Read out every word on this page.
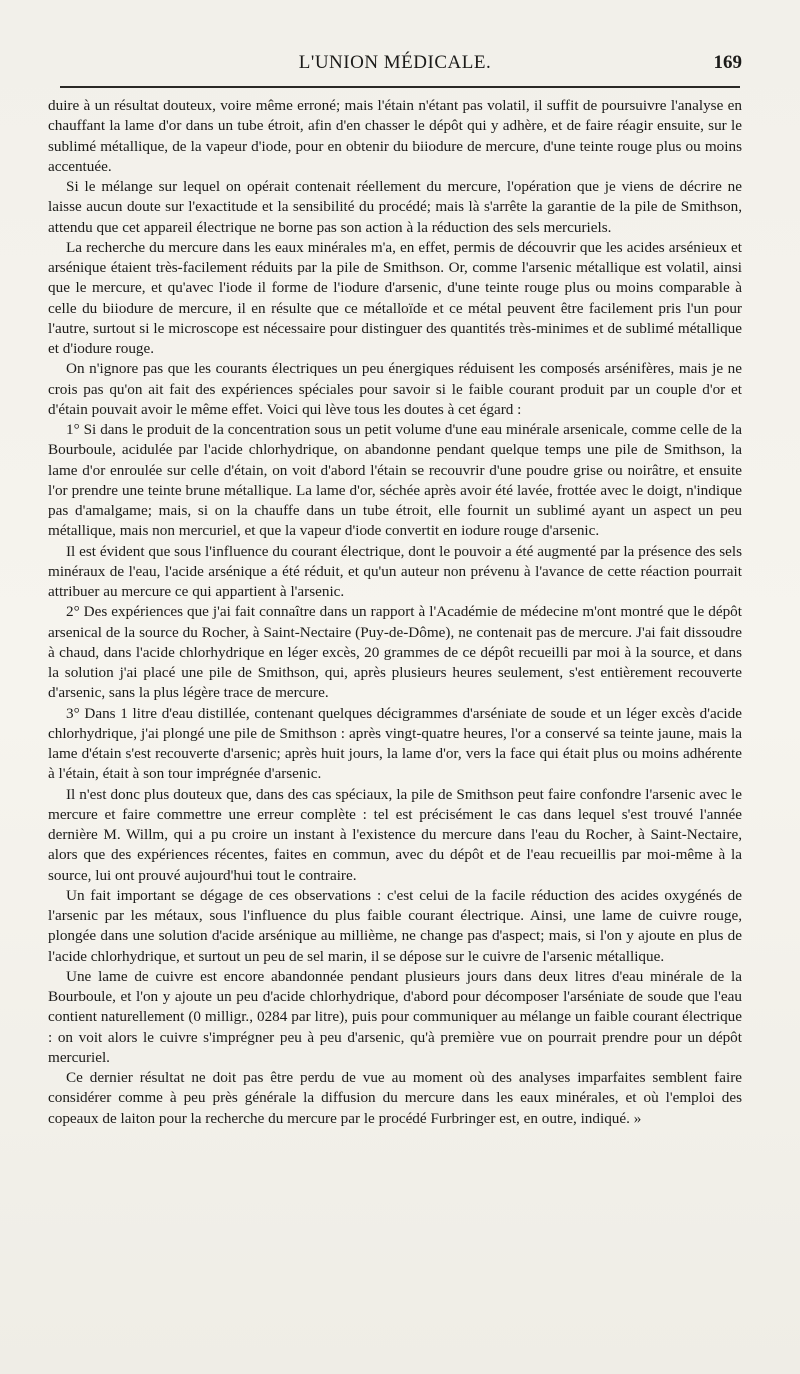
L'UNION MÉDICALE.	169

duire à un résultat douteux, voire même erroné; mais l'étain n'étant pas volatil, il suffit de poursuivre l'analyse en chauffant la lame d'or dans un tube étroit, afin d'en chasser le dépôt qui y adhère, et de faire réagir ensuite, sur le sublimé métallique, de la vapeur d'iode, pour en obtenir du biiodure de mercure, d'une teinte rouge plus ou moins accentuée.

Si le mélange sur lequel on opérait contenait réellement du mercure, l'opération que je viens de décrire ne laisse aucun doute sur l'exactitude et la sensibilité du procédé; mais là s'arrête la garantie de la pile de Smithson, attendu que cet appareil électrique ne borne pas son action à la réduction des sels mercuriels.

La recherche du mercure dans les eaux minérales m'a, en effet, permis de découvrir que les acides arsénieux et arsénique étaient très-facilement réduits par la pile de Smithson. Or, comme l'arsenic métallique est volatil, ainsi que le mercure, et qu'avec l'iode il forme de l'iodure d'arsenic, d'une teinte rouge plus ou moins comparable à celle du biiodure de mercure, il en résulte que ce métalloïde et ce métal peuvent être facilement pris l'un pour l'autre, surtout si le microscope est nécessaire pour distinguer des quantités très-minimes et de sublimé métallique et d'iodure rouge.

On n'ignore pas que les courants électriques un peu énergiques réduisent les composés arsénifères, mais je ne crois pas qu'on ait fait des expériences spéciales pour savoir si le faible courant produit par un couple d'or et d'étain pouvait avoir le même effet. Voici qui lève tous les doutes à cet égard :

1° Si dans le produit de la concentration sous un petit volume d'une eau minérale arsenicale, comme celle de la Bourboule, acidulée par l'acide chlorhydrique, on abandonne pendant quelque temps une pile de Smithson, la lame d'or enroulée sur celle d'étain, on voit d'abord l'étain se recouvrir d'une poudre grise ou noirâtre, et ensuite l'or prendre une teinte brune métallique. La lame d'or, séchée après avoir été lavée, frottée avec le doigt, n'indique pas d'amalgame; mais, si on la chauffe dans un tube étroit, elle fournit un sublimé ayant un aspect un peu métallique, mais non mercuriel, et que la vapeur d'iode convertit en iodure rouge d'arsenic.

Il est évident que sous l'influence du courant électrique, dont le pouvoir a été augmenté par la présence des sels minéraux de l'eau, l'acide arsénique a été réduit, et qu'un auteur non prévenu à l'avance de cette réaction pourrait attribuer au mercure ce qui appartient à l'arsenic.

2° Des expériences que j'ai fait connaître dans un rapport à l'Académie de médecine m'ont montré que le dépôt arsenical de la source du Rocher, à Saint-Nectaire (Puy-de-Dôme), ne contenait pas de mercure. J'ai fait dissoudre à chaud, dans l'acide chlorhydrique en léger excès, 20 grammes de ce dépôt recueilli par moi à la source, et dans la solution j'ai placé une pile de Smithson, qui, après plusieurs heures seulement, s'est entièrement recouverte d'arsenic, sans la plus légère trace de mercure.

3° Dans 1 litre d'eau distillée, contenant quelques décigrammes d'arséniate de soude et un léger excès d'acide chlorhydrique, j'ai plongé une pile de Smithson : après vingt-quatre heures, l'or a conservé sa teinte jaune, mais la lame d'étain s'est recouverte d'arsenic; après huit jours, la lame d'or, vers la face qui était plus ou moins adhérente à l'étain, était à son tour imprégnée d'arsenic.

Il n'est donc plus douteux que, dans des cas spéciaux, la pile de Smithson peut faire confondre l'arsenic avec le mercure et faire commettre une erreur complète : tel est précisément le cas dans lequel s'est trouvé l'année dernière M. Willm, qui a pu croire un instant à l'existence du mercure dans l'eau du Rocher, à Saint-Nectaire, alors que des expériences récentes, faites en commun, avec du dépôt et de l'eau recueillis par moi-même à la source, lui ont prouvé aujourd'hui tout le contraire.

Un fait important se dégage de ces observations : c'est celui de la facile réduction des acides oxygénés de l'arsenic par les métaux, sous l'influence du plus faible courant électrique. Ainsi, une lame de cuivre rouge, plongée dans une solution d'acide arsénique au millième, ne change pas d'aspect; mais, si l'on y ajoute en plus de l'acide chlorhydrique, et surtout un peu de sel marin, il se dépose sur le cuivre de l'arsenic métallique.

Une lame de cuivre est encore abandonnée pendant plusieurs jours dans deux litres d'eau minérale de la Bourboule, et l'on y ajoute un peu d'acide chlorhydrique, d'abord pour décomposer l'arséniate de soude que l'eau contient naturellement (0 milligr., 0284 par litre), puis pour communiquer au mélange un faible courant électrique : on voit alors le cuivre s'imprégner peu à peu d'arsenic, qu'à première vue on pourrait prendre pour un dépôt mercuriel.

Ce dernier résultat ne doit pas être perdu de vue au moment où des analyses imparfaites semblent faire considérer comme à peu près générale la diffusion du mercure dans les eaux minérales, et où l'emploi des copeaux de laiton pour la recherche du mercure par le procédé Furbringer est, en outre, indiqué. »
